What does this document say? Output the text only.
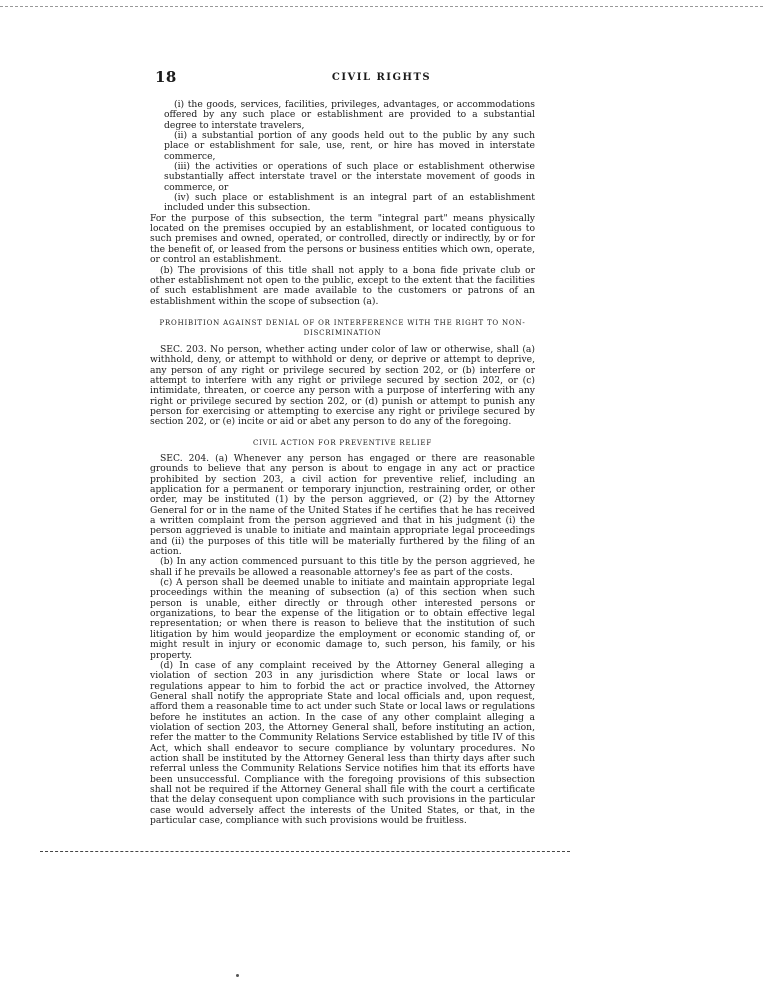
18	CIVIL RIGHTS

(i) the goods, services, facilities, privileges, advantages, or accommodations offered by any such place or establishment are provided to a substantial degree to interstate travelers,

(ii) a substantial portion of any goods held out to the public by any such place or establishment for sale, use, rent, or hire has moved in interstate commerce,

(iii) the activities or operations of such place or establishment otherwise substantially affect interstate travel or the interstate movement of goods in commerce, or

(iv) such place or establishment is an integral part of an establishment included under this subsection.

For the purpose of this subsection, the term "integral part" means physically located on the premises occupied by an establishment, or located contiguous to such premises and owned, operated, or controlled, directly or indirectly, by or for the benefit of, or leased from the persons or business entities which own, operate, or control an establishment.

(b) The provisions of this title shall not apply to a bona fide private club or other establishment not open to the public, except to the extent that the facilities of such establishment are made available to the customers or patrons of an establishment within the scope of subsection (a).

PROHIBITION AGAINST DENIAL OF OR INTERFERENCE WITH THE RIGHT TO NON-DISCRIMINATION

SEC. 203. No person, whether acting under color of law or otherwise, shall (a) withhold, deny, or attempt to withhold or deny, or deprive or attempt to deprive, any person of any right or privilege secured by section 202, or (b) interfere or attempt to interfere with any right or privilege secured by section 202, or (c) intimidate, threaten, or coerce any person with a purpose of interfering with any right or privilege secured by section 202, or (d) punish or attempt to punish any person for exercising or attempting to exercise any right or privilege secured by section 202, or (e) incite or aid or abet any person to do any of the foregoing.

CIVIL ACTION FOR PREVENTIVE RELIEF

SEC. 204. (a) Whenever any person has engaged or there are reasonable grounds to believe that any person is about to engage in any act or practice prohibited by section 203, a civil action for preventive relief, including an application for a permanent or temporary injunction, restraining order, or other order, may be instituted (1) by the person aggrieved, or (2) by the Attorney General for or in the name of the United States if he certifies that he has received a written complaint from the person aggrieved and that in his judgment (i) the person aggrieved is unable to initiate and maintain appropriate legal proceedings and (ii) the purposes of this title will be materially furthered by the filing of an action.

(b) In any action commenced pursuant to this title by the person aggrieved, he shall if he prevails be allowed a reasonable attorney's fee as part of the costs.

(c) A person shall be deemed unable to initiate and maintain appropriate legal proceedings within the meaning of subsection (a) of this section when such person is unable, either directly or through other interested persons or organizations, to bear the expense of the litigation or to obtain effective legal representation; or when there is reason to believe that the institution of such litigation by him would jeopardize the employment or economic standing of, or might result in injury or economic damage to, such person, his family, or his property.

(d) In case of any complaint received by the Attorney General alleging a violation of section 203 in any jurisdiction where State or local laws or regulations appear to him to forbid the act or practice involved, the Attorney General shall notify the appropriate State and local officials and, upon request, afford them a reasonable time to act under such State or local laws or regulations before he institutes an action. In the case of any other complaint alleging a violation of section 203, the Attorney General shall, before instituting an action, refer the matter to the Community Relations Service established by title IV of this Act, which shall endeavor to secure compliance by voluntary procedures. No action shall be instituted by the Attorney General less than thirty days after such referral unless the Community Relations Service notifies him that its efforts have been unsuccessful. Compliance with the foregoing provisions of this subsection shall not be required if the Attorney General shall file with the court a certificate that the delay consequent upon compliance with such provisions in the particular case would adversely affect the interests of the United States, or that, in the particular case, compliance with such provisions would be fruitless.
